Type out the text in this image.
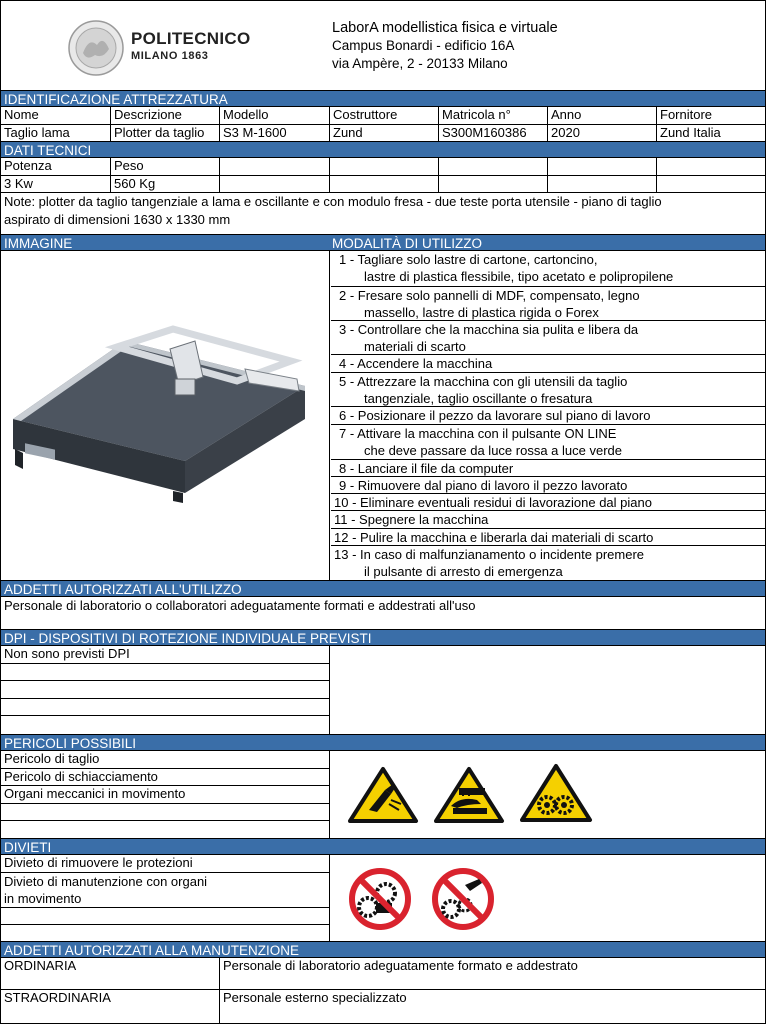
POLITECNICO
MILANO 1863
LaborA modellistica fisica e virtuale
Campus Bonardi - edificio 16A
via Ampère, 2 - 20133 Milano
IDENTIFICAZIONE ATTREZZATURA
Nome	Descrizione	Modello	Costruttore	Matricola n°	Anno	Fornitore
Taglio lama	Plotter da taglio	S3 M-1600	Zund	S300M160386	2020	Zund Italia
DATI TECNICI
Potenza	Peso
3 Kw	560 Kg
Note: plotter da taglio tangenziale a lama e oscillante e con modulo fresa - due teste porta utensile - piano di taglio
aspirato di dimensioni 1630 x 1330 mm
IMMAGINE	MODALITÀ DI UTILIZZO
1 - Tagliare solo lastre di cartone, cartoncino,
lastre di plastica flessibile, tipo acetato e polipropilene
2 - Fresare solo pannelli di MDF, compensato, legno
massello, lastre di plastica rigida o Forex
3 - Controllare che la macchina sia pulita e libera da
materiali di scarto
4 - Accendere la macchina
5 - Attrezzare la macchina con gli utensili da taglio
tangenziale, taglio oscillante o fresatura
6 - Posizionare il pezzo da lavorare sul piano di lavoro
7 - Attivare la macchina con il pulsante ON LINE
che deve passare da luce rossa a luce verde
8 - Lanciare il file da computer
9 - Rimuovere dal piano di lavoro il pezzo lavorato
10 - Eliminare eventuali residui di lavorazione dal piano
11 - Spegnere la macchina
12 - Pulire la macchina e liberarla dai materiali di scarto
13 - In caso di malfunzianamento o incidente premere
il pulsante di arresto di emergenza
ADDETTI AUTORIZZATI ALL'UTILIZZO
Personale di laboratorio o collaboratori adeguatamente formati e addestrati all'uso
DPI - DISPOSITIVI DI ROTEZIONE INDIVIDUALE PREVISTI
Non sono previsti DPI
PERICOLI POSSIBILI
Pericolo di taglio
Pericolo di schiacciamento
Organi meccanici in movimento
DIVIETI
Divieto di rimuovere le protezioni
Divieto di manutenzione con organi
in movimento
ADDETTI AUTORIZZATI ALLA MANUTENZIONE
ORDINARIA	Personale di laboratorio adeguatamente formato e addestrato
STRAORDINARIA	Personale esterno specializzato
